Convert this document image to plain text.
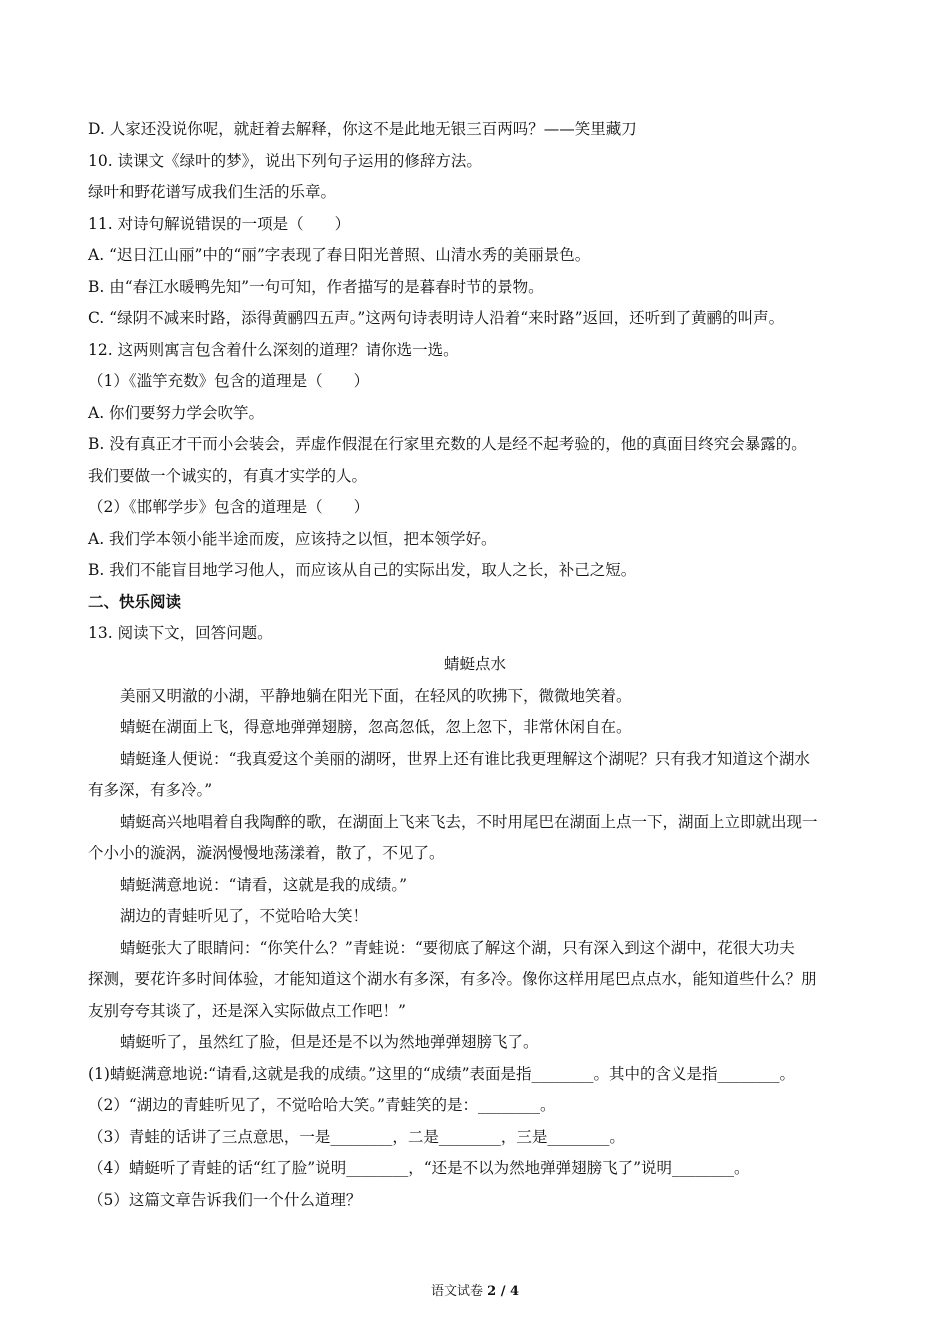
D. 人家还没说你呢，就赶着去解释，你这不是此地无银三百两吗？——笑里藏刀
10. 读课文《绿叶的梦》，说出下列句子运用的修辞方法。
绿叶和野花谱写成我们生活的乐章。
11. 对诗句解说错误的一项是（　　）
A. “迟日江山丽”中的“丽”字表现了春日阳光普照、山清水秀的美丽景色。
B. 由“春江水暖鸭先知”一句可知，作者描写的是暮春时节的景物。
C. “绿阴不减来时路，添得黄鹂四五声。”这两句诗表明诗人沿着“来时路”返回，还听到了黄鹂的叫声。
12. 这两则寓言包含着什么深刻的道理？请你选一选。
（1）《滥竽充数》包含的道理是（　　）
A. 你们要努力学会吹竽。
B. 没有真正才干而小会装会，弄虚作假混在行家里充数的人是经不起考验的，他的真面目终究会暴露的。
我们要做一个诚实的，有真才实学的人。
（2）《邯郸学步》包含的道理是（　　）
A. 我们学本领小能半途而废，应该持之以恒，把本领学好。
B. 我们不能盲目地学习他人，而应该从自己的实际出发，取人之长，补己之短。
二、快乐阅读
13. 阅读下文，回答问题。
蜻蜓点水
美丽又明澈的小湖，平静地躺在阳光下面，在轻风的吹拂下，微微地笑着。
蜻蜓在湖面上飞，得意地弹弹翅膀，忽高忽低，忽上忽下，非常休闲自在。
蜻蜓逢人便说：“我真爱这个美丽的湖呀，世界上还有谁比我更理解这个湖呢？只有我才知道这个湖水
有多深，有多冷。”
蜻蜓高兴地唱着自我陶醉的歌，在湖面上飞来飞去，不时用尾巴在湖面上点一下，湖面上立即就出现一
个小小的漩涡，漩涡慢慢地荡漾着，散了，不见了。
蜻蜓满意地说：“请看，这就是我的成绩。”
湖边的青蛙听见了，不觉哈哈大笑！
蜻蜓张大了眼睛问：“你笑什么？”青蛙说：“要彻底了解这个湖，只有深入到这个湖中，花很大功夫
探测，要花许多时间体验，才能知道这个湖水有多深，有多冷。像你这样用尾巴点点水，能知道些什么？朋
友别夸夸其谈了，还是深入实际做点工作吧！”
蜻蜓听了，虽然红了脸，但是还是不以为然地弹弹翅膀飞了。
(1)蜻蜓满意地说:“请看,这就是我的成绩。”这里的“成绩”表面是指________。其中的含义是指________。
（2）“湖边的青蛙听见了，不觉哈哈大笑。”青蛙笑的是：________。
（3）青蛙的话讲了三点意思，一是________，二是________，三是________。
（4）蜻蜓听了青蛙的话“红了脸”说明________，“还是不以为然地弹弹翅膀飞了”说明________。
（5）这篇文章告诉我们一个什么道理？
语文试卷 2 / 4
